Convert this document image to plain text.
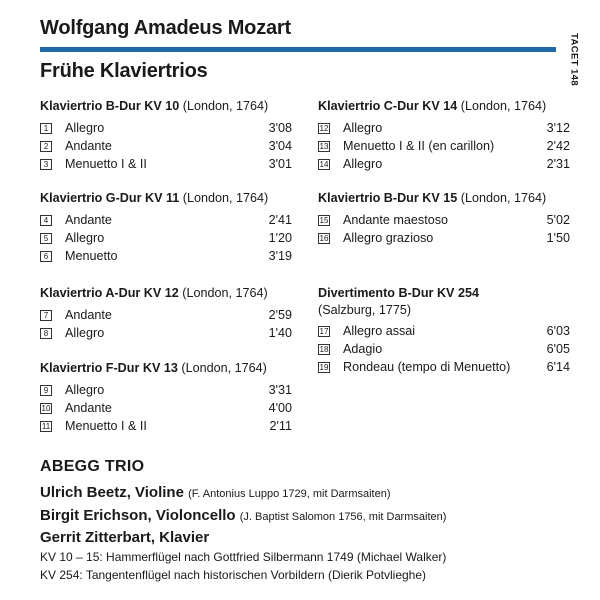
Wolfgang Amadeus Mozart
Frühe Klaviertrios	TACET 148
Klaviertrio B-Dur KV 10 (London, 1764)
1	Allegro	3'08
2	Andante	3'04
3	Menuetto I & II	3'01
Klaviertrio G-Dur KV 11 (London, 1764)
4	Andante	2'41
5	Allegro	1'20
6	Menuetto	3'19
Klaviertrio A-Dur KV 12 (London, 1764)
7	Andante	2'59
8	Allegro	1'40
Klaviertrio F-Dur KV 13 (London, 1764)
9	Allegro	3'31
10 Andante	4'00
11 Menuetto I & II	2'11
Klaviertrio C-Dur KV 14 (London, 1764)
12 Allegro	3'12
13 Menuetto I & II (en carillon)	2'42
14 Allegro	2'31
Klaviertrio B-Dur KV 15 (London, 1764)
15 Andante maestoso	5'02
16 Allegro grazioso	1'50
Divertimento B-Dur KV 254
(Salzburg, 1775)
17 Allegro assai	6'03
18 Adagio	6'05
19 Rondeau (tempo di Menuetto)	6'14
ABEGG TRIO
Ulrich Beetz, Violine (F. Antonius Luppo 1729, mit Darmsaiten)
Birgit Erichson, Violoncello (J. Baptist Salomon 1756, mit Darmsaiten)
Gerrit Zitterbart, Klavier
KV 10 – 15: Hammerflügel nach Gottfried Silbermann 1749 (Michael Walker)
KV 254: Tangentenflügel nach historischen Vorbildern (Dierik Potvlieghe)
